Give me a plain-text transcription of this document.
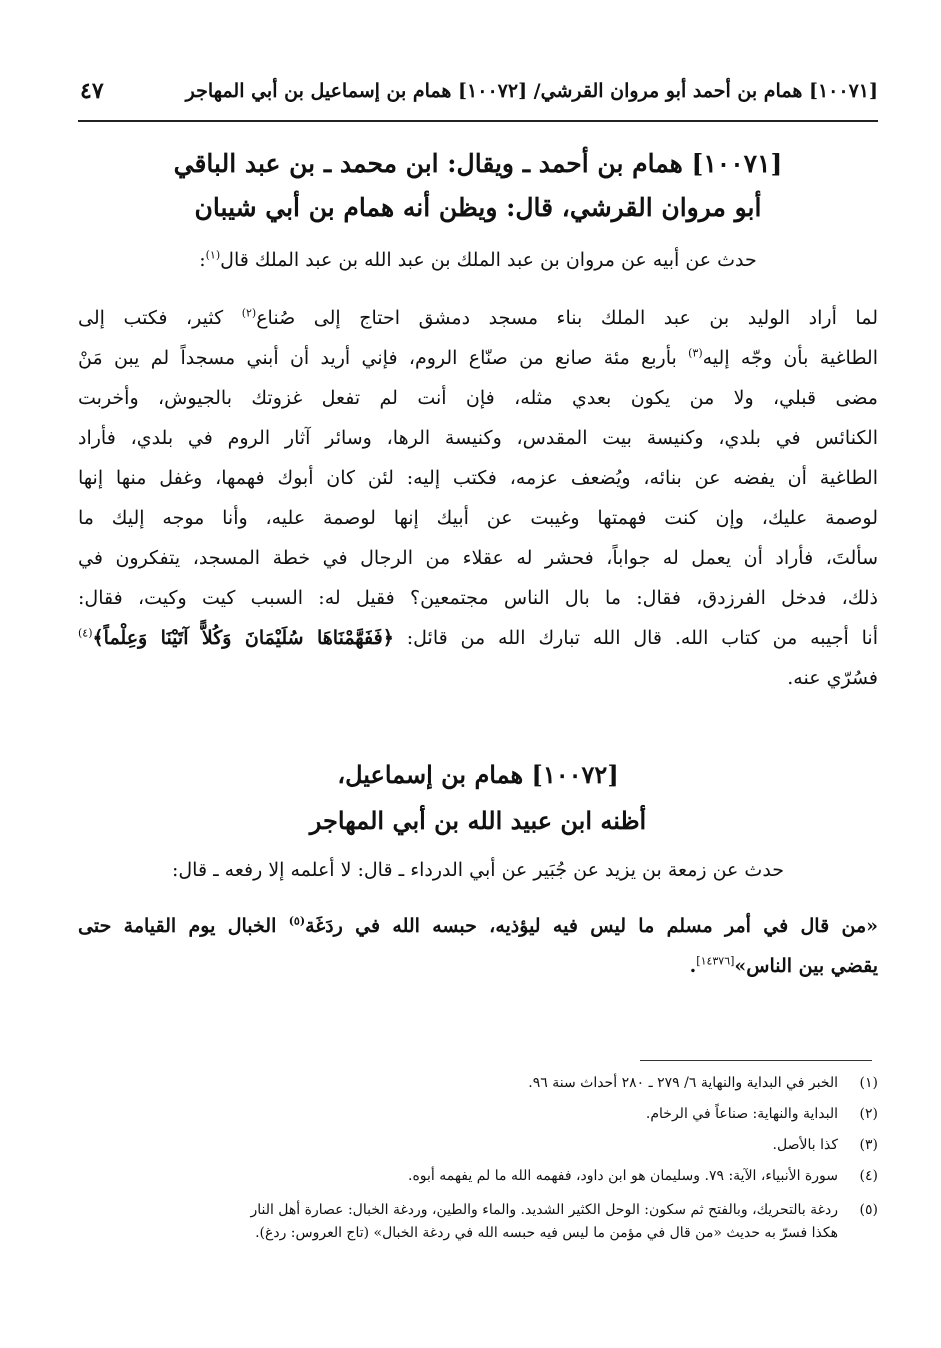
[١٠٠٧١] همام بن أحمد أبو مروان القرشي/ [١٠٠٧٢] همام بن إسماعيل بن أبي المهاجر
٤٧
[١٠٠٧١] همام بن أحمد ـ ويقال: ابن محمد ـ بن عبد الباقي
أبو مروان القرشي، قال: ويظن أنه همام بن أبي شيبان
حدث عن أبيه عن مروان بن عبد الملك بن عبد الله بن عبد الملك قال$^{(١)}$:
لما أراد الوليد بن عبد الملك بناء مسجد دمشق احتاج إلى صُناع$^{(٢)}$ كثير، فكتب إلى
الطاغية بأن وجّه إليه$^{(٣)}$ بأربع مئة صانع من صنّاع الروم، فإني أريد أن أبني مسجداً لم يبن مَنْ
مضى قبلي، ولا من يكون بعدي مثله، فإن أنت لم تفعل غزوتك بالجيوش، وأخربت
الكنائس في بلدي، وكنيسة بيت المقدس، وكنيسة الرها، وسائر آثار الروم في بلدي، فأراد
الطاغية أن يفضه عن بنائه، ويُضعف عزمه، فكتب إليه: لئن كان أبوك فهمها، وغفل منها إنها
لوصمة عليك، وإن كنت فهمتها وغيبت عن أبيك إنها لوصمة عليه، وأنا موجه إليك ما
سألتَ، فأراد أن يعمل له جواباً، فحشر له عقلاء من الرجال في خطة المسجد، يتفكرون في
ذلك، فدخل الفرزدق، فقال: ما بال الناس مجتمعين؟ فقيل له: السبب كيت وكيت، فقال:
أنا أجيبه من كتاب الله. قال الله تبارك الله من قائل: ﴿فَفَهَّمْنَاهَا سُلَيْمَانَ وَكُلاًّ آتَيْنَا وَعِلْماً﴾$^{(٤)}$
فسُرّي عنه.
[١٠٠٧٢] همام بن إسماعيل،
أظنه ابن عبيد الله بن أبي المهاجر
حدث عن زمعة بن يزيد عن جُبَير عن أبي الدرداء ـ قال: لا أعلمه إلا رفعه ـ قال:
«من قال في أمر مسلم ما ليس فيه ليؤذيه، حبسه الله في ردَغَة$^{(٥)}$ الخبال يوم القيامة حتى
يقضي بين الناس»[١٤٣٧٦].
(١)الخبر في البداية والنهاية ٦/ ٢٧٩ ـ ٢٨٠ أحداث سنة ٩٦.
(٢)البداية والنهاية: صناعاً في الرخام.
(٣)كذا بالأصل.
(٤)سورة الأنبياء، الآية: ٧٩. وسليمان هو ابن داود، ففهمه الله ما لم يفهمه أبوه.
(٥)ردغة بالتحريك، وبالفتح ثم سكون: الوحل الكثير الشديد. والماء والطين، وردغة الخبال: عصارة أهل النار
هكذا فسرّ به حديث «من قال في مؤمن ما ليس فيه حبسه الله في ردغة الخبال» (تاج العروس: ردغ).
